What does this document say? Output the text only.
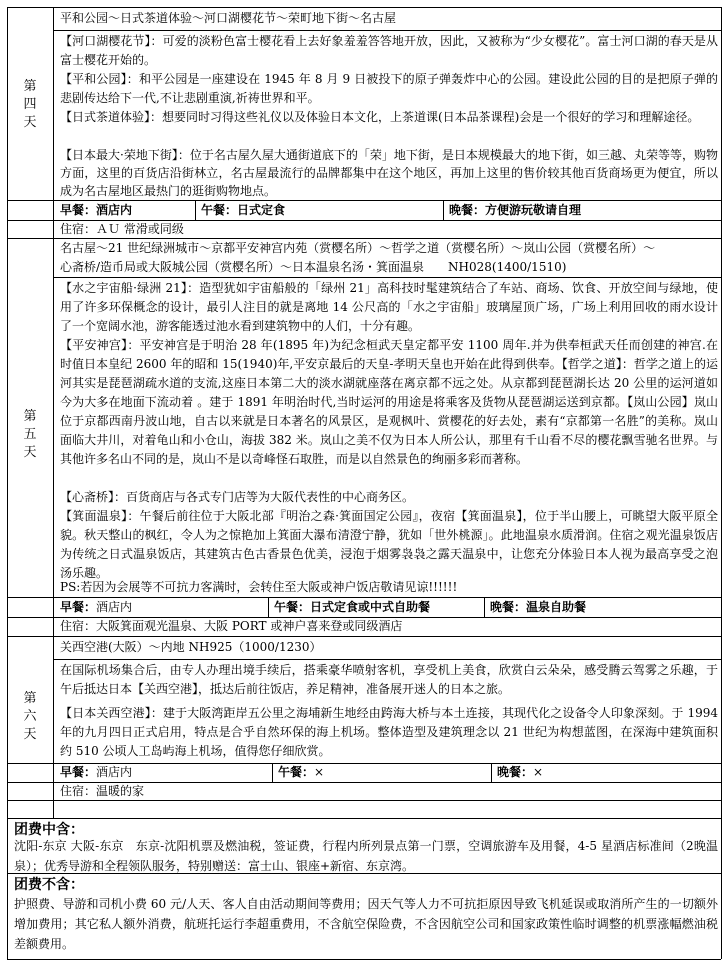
第
四
天
平和公园～日式茶道体验～河口湖樱花节～荣町地下街～名古屋
【河口湖樱花节】：可爱的淡粉色富士樱花看上去好象羞羞答答地开放，因此，又被称为“少女樱花”。富士河口湖的春天是从富士樱花开始的。
【平和公园】：和平公园是一座建设在 1945 年 8 月 9 日被投下的原子弹轰炸中心的公园。建设此公园的目的是把原子弹的悲剧传达给下一代,不让悲剧重演,祈祷世界和平。
【日式茶道体验】：想要同时习得这些礼仪以及体验日本文化，上茶道课(日本品茶课程)会是一个很好的学习和理解途径。
【日本最大·荣地下街】：位于名古屋久屋大通街道底下的「荣」地下街，是日本规模最大的地下街，如三越、丸荣等等，购物方面，这里的百货店沿街林立，名古屋最流行的品牌都集中在这个地区，再加上这里的售价较其他百货商场更为便宜，所以成为名古屋地区最热门的逛街购物地点。
早餐：酒店内	午餐：日式定食	晚餐：方便游玩敬请自理
住宿：ＡＵ 常滑或同级
第
五
天
名古屋～21 世纪绿洲城市～京都平安神宫内苑（赏樱名所）～哲学之道（赏樱名所）～岚山公园（赏樱名所）～
心斋桥/造币局或大阪城公园（赏樱名所）～日本温泉名汤・箕面温泉　　NH028(1400/1510)
【水之宇宙船·绿洲 21】：造型犹如宇宙船般的「绿州 21」高科技时髦建筑结合了车站、商场、饮食、开放空间与绿地，使用了许多环保概念的设计，最引人注目的就是离地 14 公尺高的「水之宇宙船」玻璃屋顶广场，广场上利用回收的雨水设计了一个宽阔水池，游客能透过池水看到建筑物中的人们，十分有趣。
【平安神宫】：平安神宫是于明治 28 年(1895 年)为纪念桓武天皇定都平安 1100 周年.并为供奉桓武天任而创建的神宫.在时值日本皇纪 2600 年的昭和 15(1940)年,平安京最后的天皇-孝明天皇也开始在此得到供奉。【哲学之道】：哲学之道上的运河其实是琵琶湖疏水道的支流,这座日本第二大的淡水湖就座落在离京都不远之处。从京都到琵琶湖长达 20 公里的运河道如今为大多在地面下流动着 。建于 1891 年明治时代,当时运河的用途是将乘客及货物从琵琶湖运送到京都。【岚山公园】岚山位于京都西南丹波山地，自古以来就是日本著名的风景区，是观枫叶、赏樱花的好去处，素有“京都第一名胜”的美称。岚山面临大井川，对着龟山和小仓山，海拔 382 米。岚山之美不仅为日本人所公认，那里有千山看不尽的樱花飘雪驰名世界。与其他许多名山不同的是，岚山不是以奇峰怪石取胜，而是以自然景色的绚丽多彩而著称。
【心斋桥】：百货商店与各式专门店等为大阪代表性的中心商务区。
【箕面温泉】：午餐后前往位于大阪北部『明治之森·箕面国定公园』，夜宿【箕面温泉】，位于半山腰上，可眺望大阪平原全貌。秋天整山的枫红，令人为之惊艳加上箕面大瀑布清澄宁静，犹如「世外桃源」。此地温泉水质滑润。住宿之观光温泉饭店为传统之日式温泉饭店，其建筑古色古香景色优美，浸泡于烟雾袅袅之露天温泉中，让您充分体验日本人视为最高享受之泡汤乐趣。
PS:若因为会展等不可抗力客满时，会转住至大阪或神户饭店敬请见谅!!!!!!
早餐：酒店内	午餐：日式定食或中式自助餐	晚餐：温泉自助餐
住宿：大阪箕面观光温泉、大阪 PORT 或神户喜来登或同级酒店
第
六
天
关西空港(大阪）～内地 NH925（1000/1230）
在国际机场集合后，由专人办理出境手续后，搭乘豪华喷射客机，享受机上美食，欣赏白云朵朵，感受腾云驾雾之乐趣，于午后抵达日本【关西空港】，抵达后前往饭店，养足精神，准备展开迷人的日本之旅。
【日本关西空港】：建于大阪湾距岸五公里之海埔新生地经由跨海大桥与本土连接，其现代化之设备令人印象深刻。于 1994 年的九月四日正式启用，特点是合乎自然环保的海上机场。整体造型及建筑理念以 21 世纪为构想蓝图，在深海中建筑面积约 510 公顷人工岛屿海上机场，值得您仔细欣赏。
早餐：酒店内	午餐：×	晚餐：×
住宿：温暖的家
团费中含：
沈阳-东京 大阪-东京　东京-沈阳机票及燃油税，签证费，行程内所列景点第一门票，空调旅游车及用餐，4-5 星酒店标准间（2晚温泉）；优秀导游和全程领队服务，特别赠送：富士山、银座+新宿、东京湾。
团费不含：
护照费、导游和司机小费 60 元/人天、客人自由活动期间等费用；因天气等人力不可抗拒原因导致飞机延误或取消所产生的一切额外增加费用；其它私人额外消费，航班托运行李超重费用，不含航空保险费，不含因航空公司和国家政策性临时调整的机票涨幅燃油税差额费用。
